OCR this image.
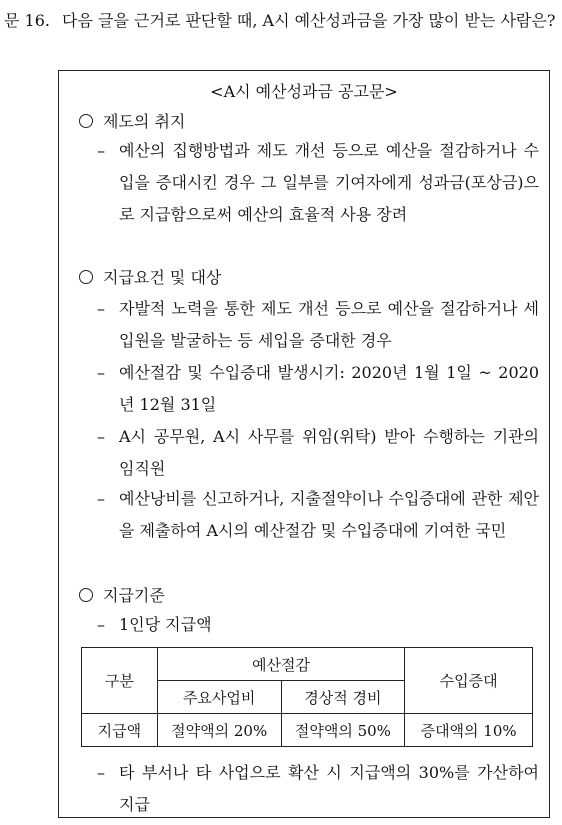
문 16. 다음 글을 근거로 판단할 때, A시 예산성과금을 가장 많이 받는 사람은?
<A시 예산성과금 공고문>
제도의 취지
– 예산의 집행방법과 제도 개선 등으로 예산을 절감하거나 수입을 증대시킨 경우 그 일부를 기여자에게 성과금(포상금)으로 지급함으로써 예산의 효율적 사용 장려
지급요건 및 대상
– 자발적 노력을 통한 제도 개선 등으로 예산을 절감하거나 세입원을 발굴하는 등 세입을 증대한 경우
– 예산절감 및 수입증대 발생시기: 2020년 1월 1일 ~ 2020년 12월 31일
– A시 공무원, A시 사무를 위임(위탁) 받아 수행하는 기관의 임직원
– 예산낭비를 신고하거나, 지출절약이나 수입증대에 관한 제안을 제출하여 A시의 예산절감 및 수입증대에 기여한 국민
지급기준
– 1인당 지급액
구분	예산절감		수입증대
	주요사업비	경상적 경비	
지급액	절약액의 20%	절약액의 50%	증대액의 10%
– 타 부서나 타 사업으로 확산 시 지급액의 30%를 가산하여 지급
